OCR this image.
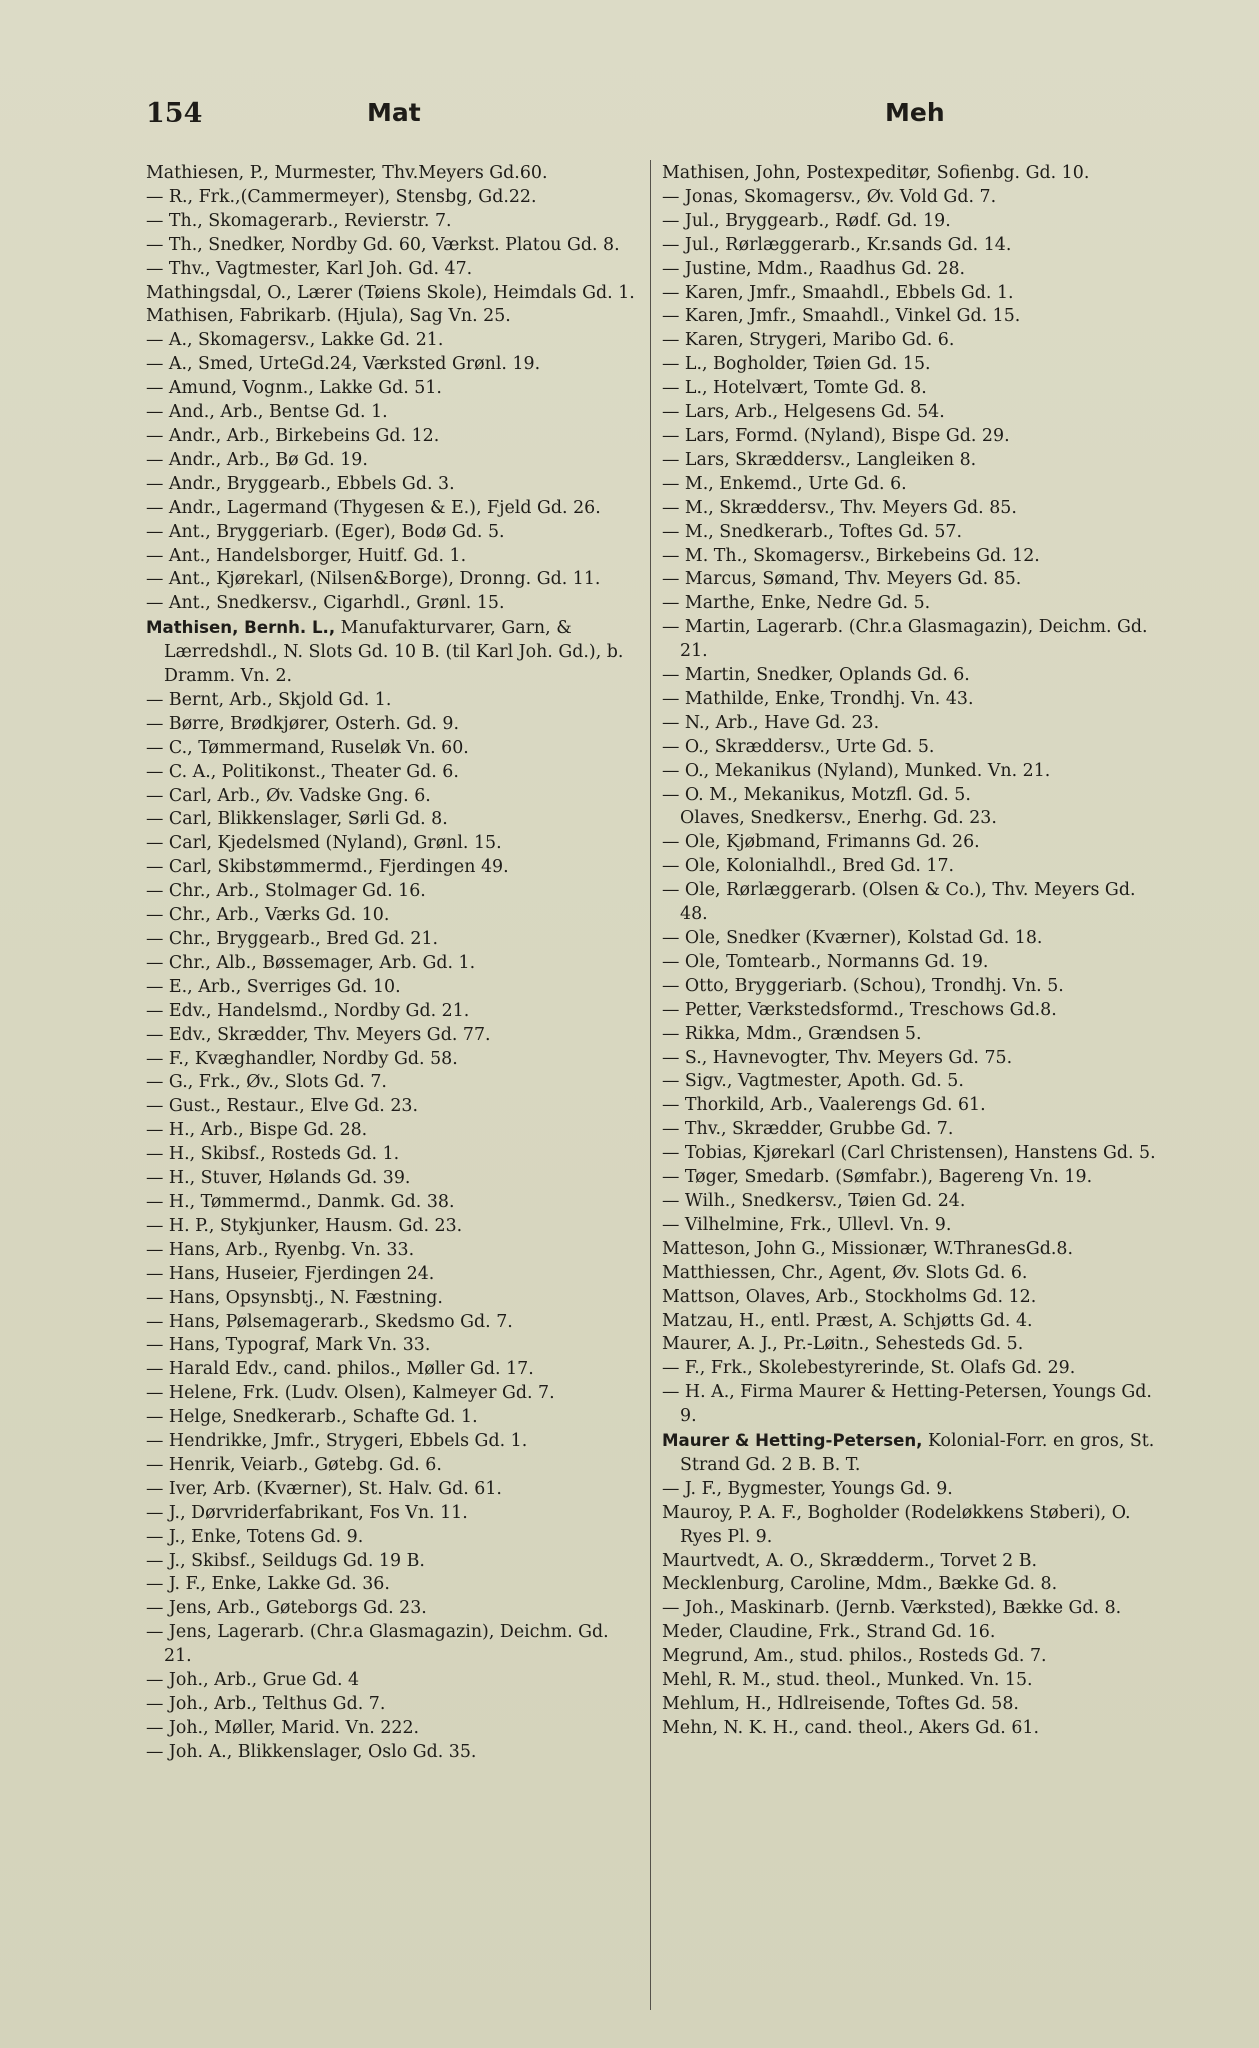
154	Mat	Meh

Mathiesen, P., Murmester, Thv.Meyers Gd.60.

— R., Frk.,(Cammermeyer), Stensbg, Gd.22.

— Th., Skomagerarb., Revierstr. 7.

— Th., Snedker, Nordby Gd. 60, Værkst. Platou Gd. 8.

— Thv., Vagtmester, Karl Joh. Gd. 47.

Mathingsdal, O., Lærer (Tøiens Skole), Heimdals Gd. 1.

Mathisen, Fabrikarb. (Hjula), Sag Vn. 25.

— A., Skomagersv., Lakke Gd. 21.

— A., Smed, UrteGd.24, Værksted Grønl. 19.

— Amund, Vognm., Lakke Gd. 51.

— And., Arb., Bentse Gd. 1.

— Andr., Arb., Birkebeins Gd. 12.

— Andr., Arb., Bø Gd. 19.

— Andr., Bryggearb., Ebbels Gd. 3.

— Andr., Lagermand (Thygesen & E.), Fjeld Gd. 26.

— Ant., Bryggeriarb. (Eger), Bodø Gd. 5.

— Ant., Handelsborger, Huitf. Gd. 1.

— Ant., Kjørekarl, (Nilsen&Borge), Dronng. Gd. 11.

— Ant., Snedkersv., Cigarhdl., Grønl. 15.

Mathisen, Bernh. L., Manufakturvarer, Garn, & Lærredshdl., N. Slots Gd. 10 B. (til Karl Joh. Gd.), b. Dramm. Vn. 2.

— Bernt, Arb., Skjold Gd. 1.

— Børre, Brødkjører, Osterh. Gd. 9.

— C., Tømmermand, Ruseløk Vn. 60.

— C. A., Politikonst., Theater Gd. 6.

— Carl, Arb., Øv. Vadske Gng. 6.

— Carl, Blikkenslager, Sørli Gd. 8.

— Carl, Kjedelsmed (Nyland), Grønl. 15.

— Carl, Skibstømmermd., Fjerdingen 49.

— Chr., Arb., Stolmager Gd. 16.

— Chr., Arb., Værks Gd. 10.

— Chr., Bryggearb., Bred Gd. 21.

— Chr., Alb., Bøssemager, Arb. Gd. 1.

— E., Arb., Sverriges Gd. 10.

— Edv., Handelsmd., Nordby Gd. 21.

— Edv., Skrædder, Thv. Meyers Gd. 77.

— F., Kvæghandler, Nordby Gd. 58.

— G., Frk., Øv., Slots Gd. 7.

— Gust., Restaur., Elve Gd. 23.

— H., Arb., Bispe Gd. 28.

— H., Skibsf., Rosteds Gd. 1.

— H., Stuver, Hølands Gd. 39.

— H., Tømmermd., Danmk. Gd. 38.

— H. P., Stykjunker, Hausm. Gd. 23.

— Hans, Arb., Ryenbg. Vn. 33.

— Hans, Huseier, Fjerdingen 24.

— Hans, Opsynsbtj., N. Fæstning.

— Hans, Pølsemagerarb., Skedsmo Gd. 7.

— Hans, Typograf, Mark Vn. 33.

— Harald Edv., cand. philos., Møller Gd. 17.

— Helene, Frk. (Ludv. Olsen), Kalmeyer Gd. 7.

— Helge, Snedkerarb., Schafte Gd. 1.

— Hendrikke, Jmfr., Strygeri, Ebbels Gd. 1.

— Henrik, Veiarb., Gøtebg. Gd. 6.

— Iver, Arb. (Kværner), St. Halv. Gd. 61.

— J., Dørvriderfabrikant, Fos Vn. 11.

— J., Enke, Totens Gd. 9.

— J., Skibsf., Seildugs Gd. 19 B.

— J. F., Enke, Lakke Gd. 36.

— Jens, Arb., Gøteborgs Gd. 23.

— Jens, Lagerarb. (Chr.a Glasmagazin), Deichm. Gd. 21.

— Joh., Arb., Grue Gd. 4

— Joh., Arb., Telthus Gd. 7.

— Joh., Møller, Marid. Vn. 222.

— Joh. A., Blikkenslager, Oslo Gd. 35.

Mathisen, John, Postexpeditør, Sofienbg. Gd. 10.

— Jonas, Skomagersv., Øv. Vold Gd. 7.

— Jul., Bryggearb., Rødf. Gd. 19.

— Jul., Rørlæggerarb., Kr.sands Gd. 14.

— Justine, Mdm., Raadhus Gd. 28.

— Karen, Jmfr., Smaahdl., Ebbels Gd. 1.

— Karen, Jmfr., Smaahdl., Vinkel Gd. 15.

— Karen, Strygeri, Maribo Gd. 6.

— L., Bogholder, Tøien Gd. 15.

— L., Hotelvært, Tomte Gd. 8.

— Lars, Arb., Helgesens Gd. 54.

— Lars, Formd. (Nyland), Bispe Gd. 29.

— Lars, Skræddersv., Langleiken 8.

— M., Enkemd., Urte Gd. 6.

— M., Skræddersv., Thv. Meyers Gd. 85.

— M., Snedkerarb., Toftes Gd. 57.

— M. Th., Skomagersv., Birkebeins Gd. 12.

— Marcus, Sømand, Thv. Meyers Gd. 85.

— Marthe, Enke, Nedre Gd. 5.

— Martin, Lagerarb. (Chr.a Glasmagazin), Deichm. Gd. 21.

— Martin, Snedker, Oplands Gd. 6.

— Mathilde, Enke, Trondhj. Vn. 43.

— N., Arb., Have Gd. 23.

— O., Skræddersv., Urte Gd. 5.

— O., Mekanikus (Nyland), Munked. Vn. 21.

— O. M., Mekanikus, Motzfl. Gd. 5.

Olaves, Snedkersv., Enerhg. Gd. 23.

— Ole, Kjøbmand, Frimanns Gd. 26.

— Ole, Kolonialhdl., Bred Gd. 17.

— Ole, Rørlæggerarb. (Olsen & Co.), Thv. Meyers Gd. 48.

— Ole, Snedker (Kværner), Kolstad Gd. 18.

— Ole, Tomtearb., Normanns Gd. 19.

— Otto, Bryggeriarb. (Schou), Trondhj. Vn. 5.

— Petter, Værkstedsformd., Treschows Gd.8.

— Rikka, Mdm., Grændsen 5.

— S., Havnevogter, Thv. Meyers Gd. 75.

— Sigv., Vagtmester, Apoth. Gd. 5.

— Thorkild, Arb., Vaalerengs Gd. 61.

— Thv., Skrædder, Grubbe Gd. 7.

— Tobias, Kjørekarl (Carl Christensen), Hanstens Gd. 5.

— Tøger, Smedarb. (Sømfabr.), Bagereng Vn. 19.

— Wilh., Snedkersv., Tøien Gd. 24.

— Vilhelmine, Frk., Ullevl. Vn. 9.

Matteson, John G., Missionær, W.ThranesGd.8.

Matthiessen, Chr., Agent, Øv. Slots Gd. 6.

Mattson, Olaves, Arb., Stockholms Gd. 12.

Matzau, H., entl. Præst, A. Schjøtts Gd. 4.

Maurer, A. J., Pr.-Løitn., Sehesteds Gd. 5.

— F., Frk., Skolebestyrerinde, St. Olafs Gd. 29.

— H. A., Firma Maurer & Hetting-Petersen, Youngs Gd. 9.

Maurer & Hetting-Petersen, Kolonial-Forr. en gros, St. Strand Gd. 2 B. B. T.

— J. F., Bygmester, Youngs Gd. 9.

Mauroy, P. A. F., Bogholder (Rodeløkkens Støberi), O. Ryes Pl. 9.

Maurtvedt, A. O., Skrædderm., Torvet 2 B.

Mecklenburg, Caroline, Mdm., Bække Gd. 8.

— Joh., Maskinarb. (Jernb. Værksted), Bække Gd. 8.

Meder, Claudine, Frk., Strand Gd. 16.

Megrund, Am., stud. philos., Rosteds Gd. 7.

Mehl, R. M., stud. theol., Munked. Vn. 15.

Mehlum, H., Hdlreisende, Toftes Gd. 58.

Mehn, N. K. H., cand. theol., Akers Gd. 61.
